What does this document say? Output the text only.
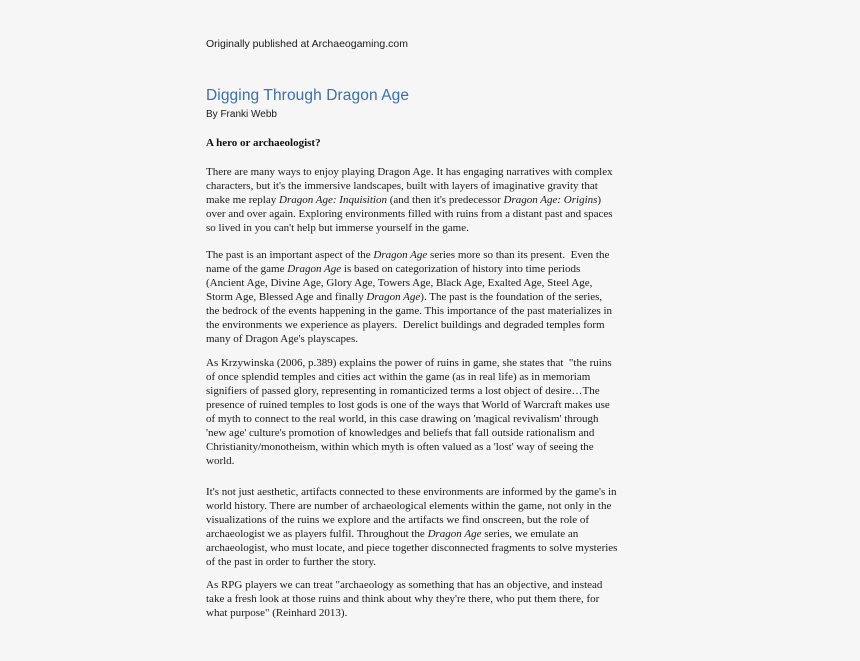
Originally published at Archaeogaming.com
Digging Through Dragon Age
By Franki Webb
A hero or archaeologist?
There are many ways to enjoy playing Dragon Age. It has engaging narratives with complex
characters, but it's the immersive landscapes, built with layers of imaginative gravity that
make me replay Dragon Age: Inquisition (and then it's predecessor Dragon Age: Origins)
over and over again. Exploring environments filled with ruins from a distant past and spaces
so lived in you can't help but immerse yourself in the game.
The past is an important aspect of the Dragon Age series more so than its present.  Even the
name of the game Dragon Age is based on categorization of history into time periods
(Ancient Age, Divine Age, Glory Age, Towers Age, Black Age, Exalted Age, Steel Age,
Storm Age, Blessed Age and finally Dragon Age). The past is the foundation of the series,
the bedrock of the events happening in the game. This importance of the past materializes in
the environments we experience as players.  Derelict buildings and degraded temples form
many of Dragon Age's playscapes.
As Krzywinska (2006, p.389) explains the power of ruins in game, she states that  "the ruins
of once splendid temples and cities act within the game (as in real life) as in memoriam
signifiers of passed glory, representing in romanticized terms a lost object of desire…The
presence of ruined temples to lost gods is one of the ways that World of Warcraft makes use
of myth to connect to the real world, in this case drawing on 'magical revivalism' through
'new age' culture's promotion of knowledges and beliefs that fall outside rationalism and
Christianity/monotheism, within which myth is often valued as a 'lost' way of seeing the
world.
It's not just aesthetic, artifacts connected to these environments are informed by the game's in
world history. There are number of archaeological elements within the game, not only in the
visualizations of the ruins we explore and the artifacts we find onscreen, but the role of
archaeologist we as players fulfil. Throughout the Dragon Age series, we emulate an
archaeologist, who must locate, and piece together disconnected fragments to solve mysteries
of the past in order to further the story.
As RPG players we can treat "archaeology as something that has an objective, and instead
take a fresh look at those ruins and think about why they're there, who put them there, for
what purpose" (Reinhard 2013).
